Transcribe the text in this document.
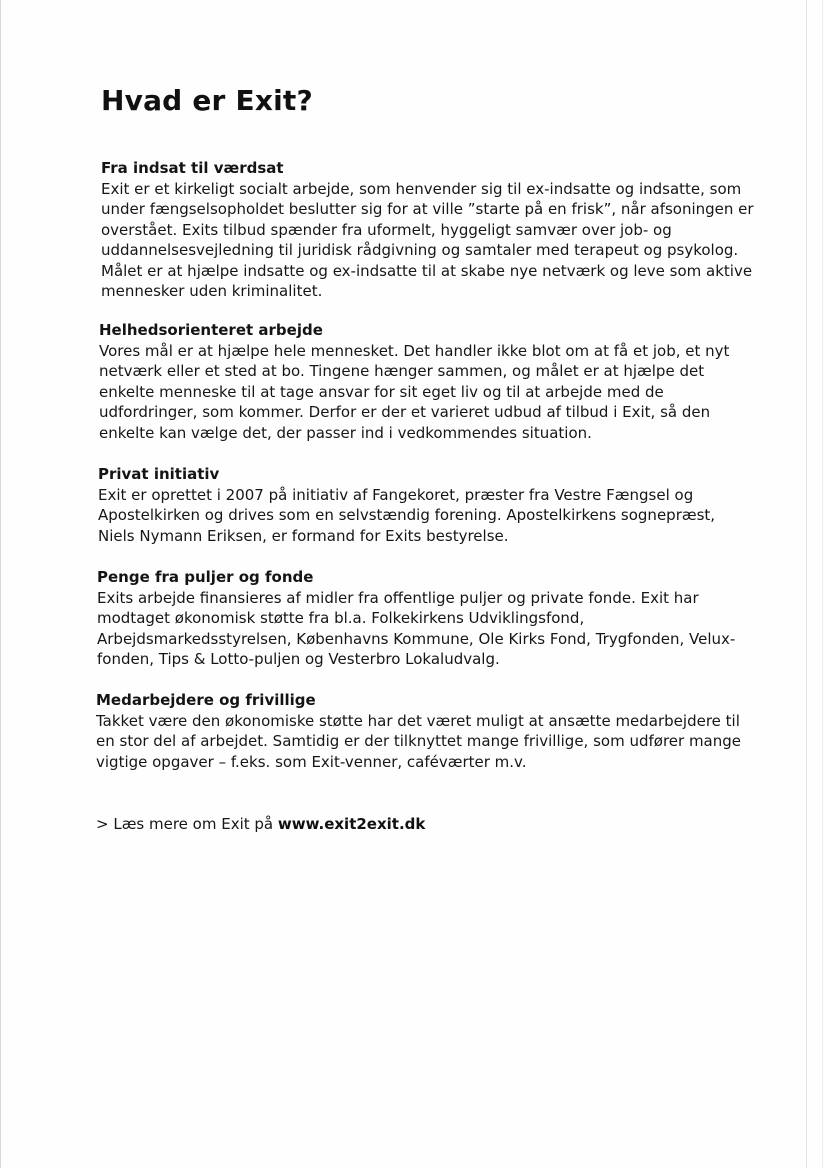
Hvad er Exit?
Fra indsat til værdsat

Exit er et kirkeligt socialt arbejde, som henvender sig til ex-indsatte og indsatte, som
under fængselsopholdet beslutter sig for at ville ”starte på en frisk”, når afsoningen er
overstået. Exits tilbud spænder fra uformelt, hyggeligt samvær over job- og
uddannelsesvejledning til juridisk rådgivning og samtaler med terapeut og psykolog.
Målet er at hjælpe indsatte og ex-indsatte til at skabe nye netværk og leve som aktive
mennesker uden kriminalitet.

Helhedsorienteret arbejde

Vores mål er at hjælpe hele mennesket. Det handler ikke blot om at få et job, et nyt
netværk eller et sted at bo. Tingene hænger sammen, og målet er at hjælpe det
enkelte menneske til at tage ansvar for sit eget liv og til at arbejde med de
udfordringer, som kommer. Derfor er der et varieret udbud af tilbud i Exit, så den
enkelte kan vælge det, der passer ind i vedkommendes situation.

Privat initiativ

Exit er oprettet i 2007 på initiativ af Fangekoret, præster fra Vestre Fængsel og
Apostelkirken og drives som en selvstændig forening. Apostelkirkens sognepræst,
Niels Nymann Eriksen, er formand for Exits bestyrelse.

Penge fra puljer og fonde

Exits arbejde finansieres af midler fra offentlige puljer og private fonde. Exit har
modtaget økonomisk støtte fra bl.a. Folkekirkens Udviklingsfond,
Arbejdsmarkedsstyrelsen, Københavns Kommune, Ole Kirks Fond, Trygfonden, Velux-
fonden, Tips & Lotto-puljen og Vesterbro Lokaludvalg.

Medarbejdere og frivillige

Takket være den økonomiske støtte har det været muligt at ansætte medarbejdere til
en stor del af arbejdet. Samtidig er der tilknyttet mange frivillige, som udfører mange
vigtige opgaver – f.eks. som Exit-venner, caféværter m.v.

> Læs mere om Exit på www.exit2exit.dk
